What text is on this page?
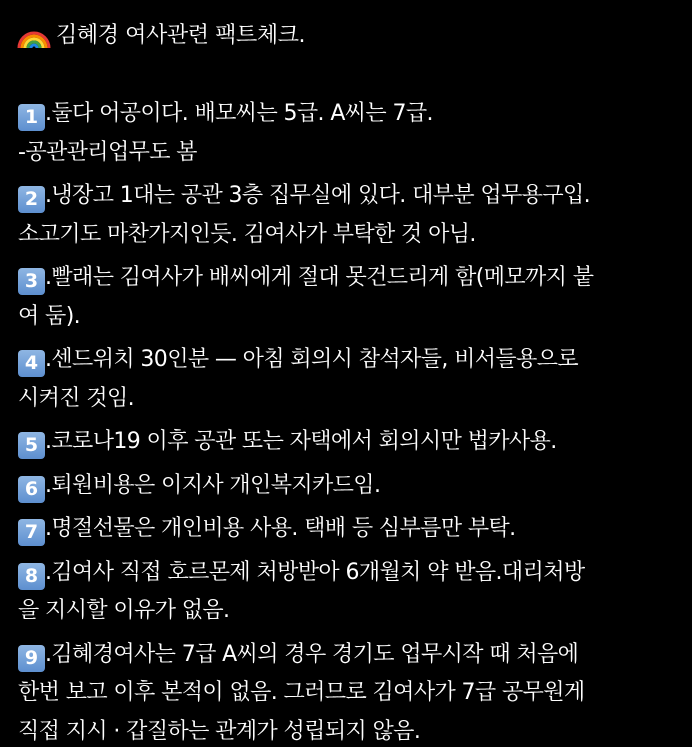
김혜경 여사관련 팩트체크.
1 .둘다 어공이다. 배모씨는 5급. A씨는 7급.
-공관관리업무도 봄
2 .냉장고 1대는 공관 3층 집무실에 있다. 대부분 업무용구입.
소고기도 마찬가지인듯. 김여사가 부탁한 것 아님.
3 .빨래는 김여사가 배씨에게 절대 못건드리게 함(메모까지 붙
여 둠).
4 .센드위치 30인분 — 아침 회의시 참석자들, 비서들용으로
시켜진 것임.
5 .코로나19 이후 공관 또는 자택에서 회의시만 법카사용.
6 .퇴원비용은 이지사 개인복지카드임.
7 .명절선물은 개인비용 사용. 택배 등 심부름만 부탁.
8 .김여사 직접 호르몬제 처방받아 6개월치 약 받음.대리처방
을 지시할 이유가 없음.
9 .김혜경여사는 7급 A씨의 경우 경기도 업무시작 때 처음에
한번 보고 이후 본적이 없음. 그러므로 김여사가 7급 공무원게
직접 지시 · 갑질하는 관계가 성립되지 않음.
